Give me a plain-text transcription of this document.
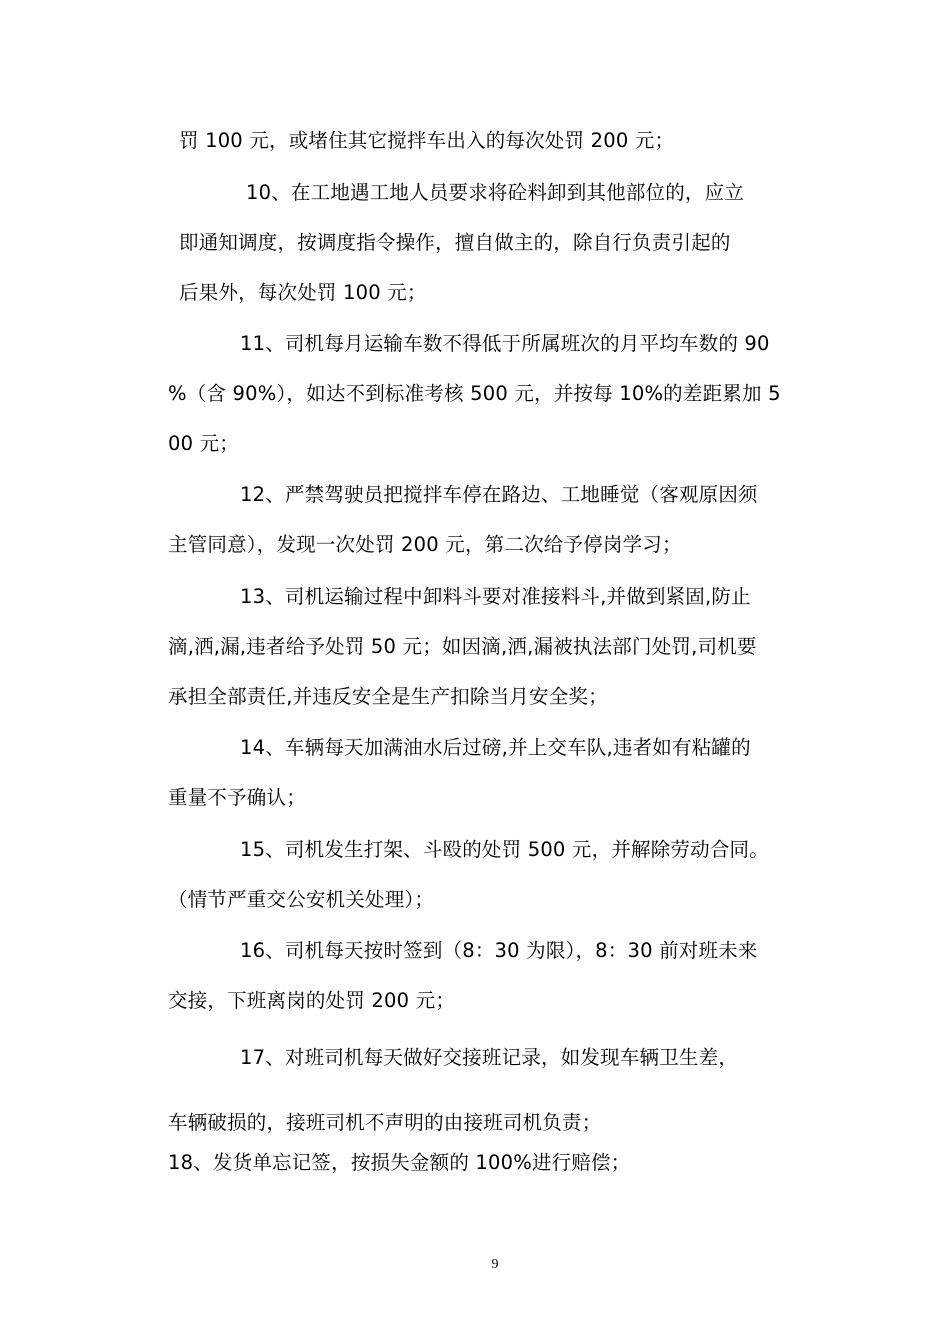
罚 100 元，或堵住其它搅拌车出入的每次处罚 200 元；
10、在工地遇工地人员要求将砼料卸到其他部位的，应立
即通知调度，按调度指令操作，擅自做主的，除自行负责引起的
后果外，每次处罚 100 元；
11、司机每月运输车数不得低于所属班次的月平均车数的 90
%（含 90%），如达不到标准考核 500 元，并按每 10%的差距累加 5
00 元；
12、严禁驾驶员把搅拌车停在路边、工地睡觉（客观原因须
主管同意），发现一次处罚 200 元，第二次给予停岗学习；
13、司机运输过程中卸料斗要对准接料斗,并做到紧固,防止
滴,洒,漏,违者给予处罚 50 元；如因滴,洒,漏被执法部门处罚,司机要
承担全部责任,并违反安全是生产扣除当月安全奖；
14、车辆每天加满油水后过磅,并上交车队,违者如有粘罐的
重量不予确认；
15、司机发生打架、斗殴的处罚 500 元，并解除劳动合同。
（情节严重交公安机关处理）；
16、司机每天按时签到（8：30 为限），8：30 前对班未来
交接，下班离岗的处罚 200 元；
17、对班司机每天做好交接班记录，如发现车辆卫生差，
车辆破损的，接班司机不声明的由接班司机负责；
18、发货单忘记签，按损失金额的 100%进行赔偿；
9
